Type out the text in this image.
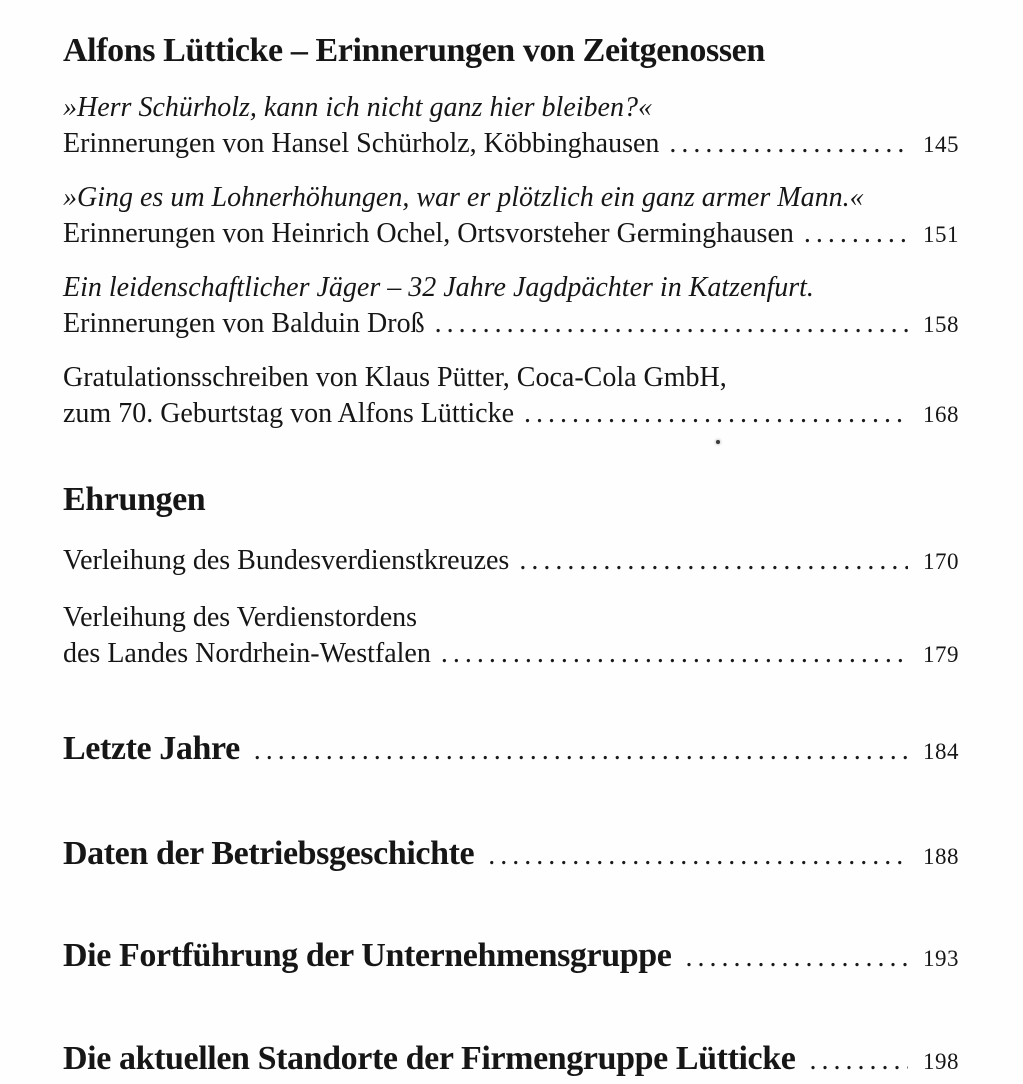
Alfons Lütticke – Erinnerungen von Zeitgenossen
»Herr Schürholz, kann ich nicht ganz hier bleiben?«
Erinnerungen von Hansel Schürholz, Köbbinghausen .....	145
»Ging es um Lohnerhöhungen, war er plötzlich ein ganz armer Mann.«
Erinnerungen von Heinrich Ochel, Ortsvorsteher Germinghausen .....	151
Ein leidenschaftlicher Jäger – 32 Jahre Jagdpächter in Katzenfurt.
Erinnerungen von Balduin Droß .....	158
Gratulationsschreiben von Klaus Pütter, Coca-Cola GmbH,
zum 70. Geburtstag von Alfons Lütticke .....	168
Ehrungen
Verleihung des Bundesverdienstkreuzes .....	170
Verleihung des Verdienstordens
des Landes Nordrhein-Westfalen .....	179
Letzte Jahre .....	184
Daten der Betriebsgeschichte .....	188
Die Fortführung der Unternehmensgruppe .....	193
Die aktuellen Standorte der Firmengruppe Lütticke .....	198
